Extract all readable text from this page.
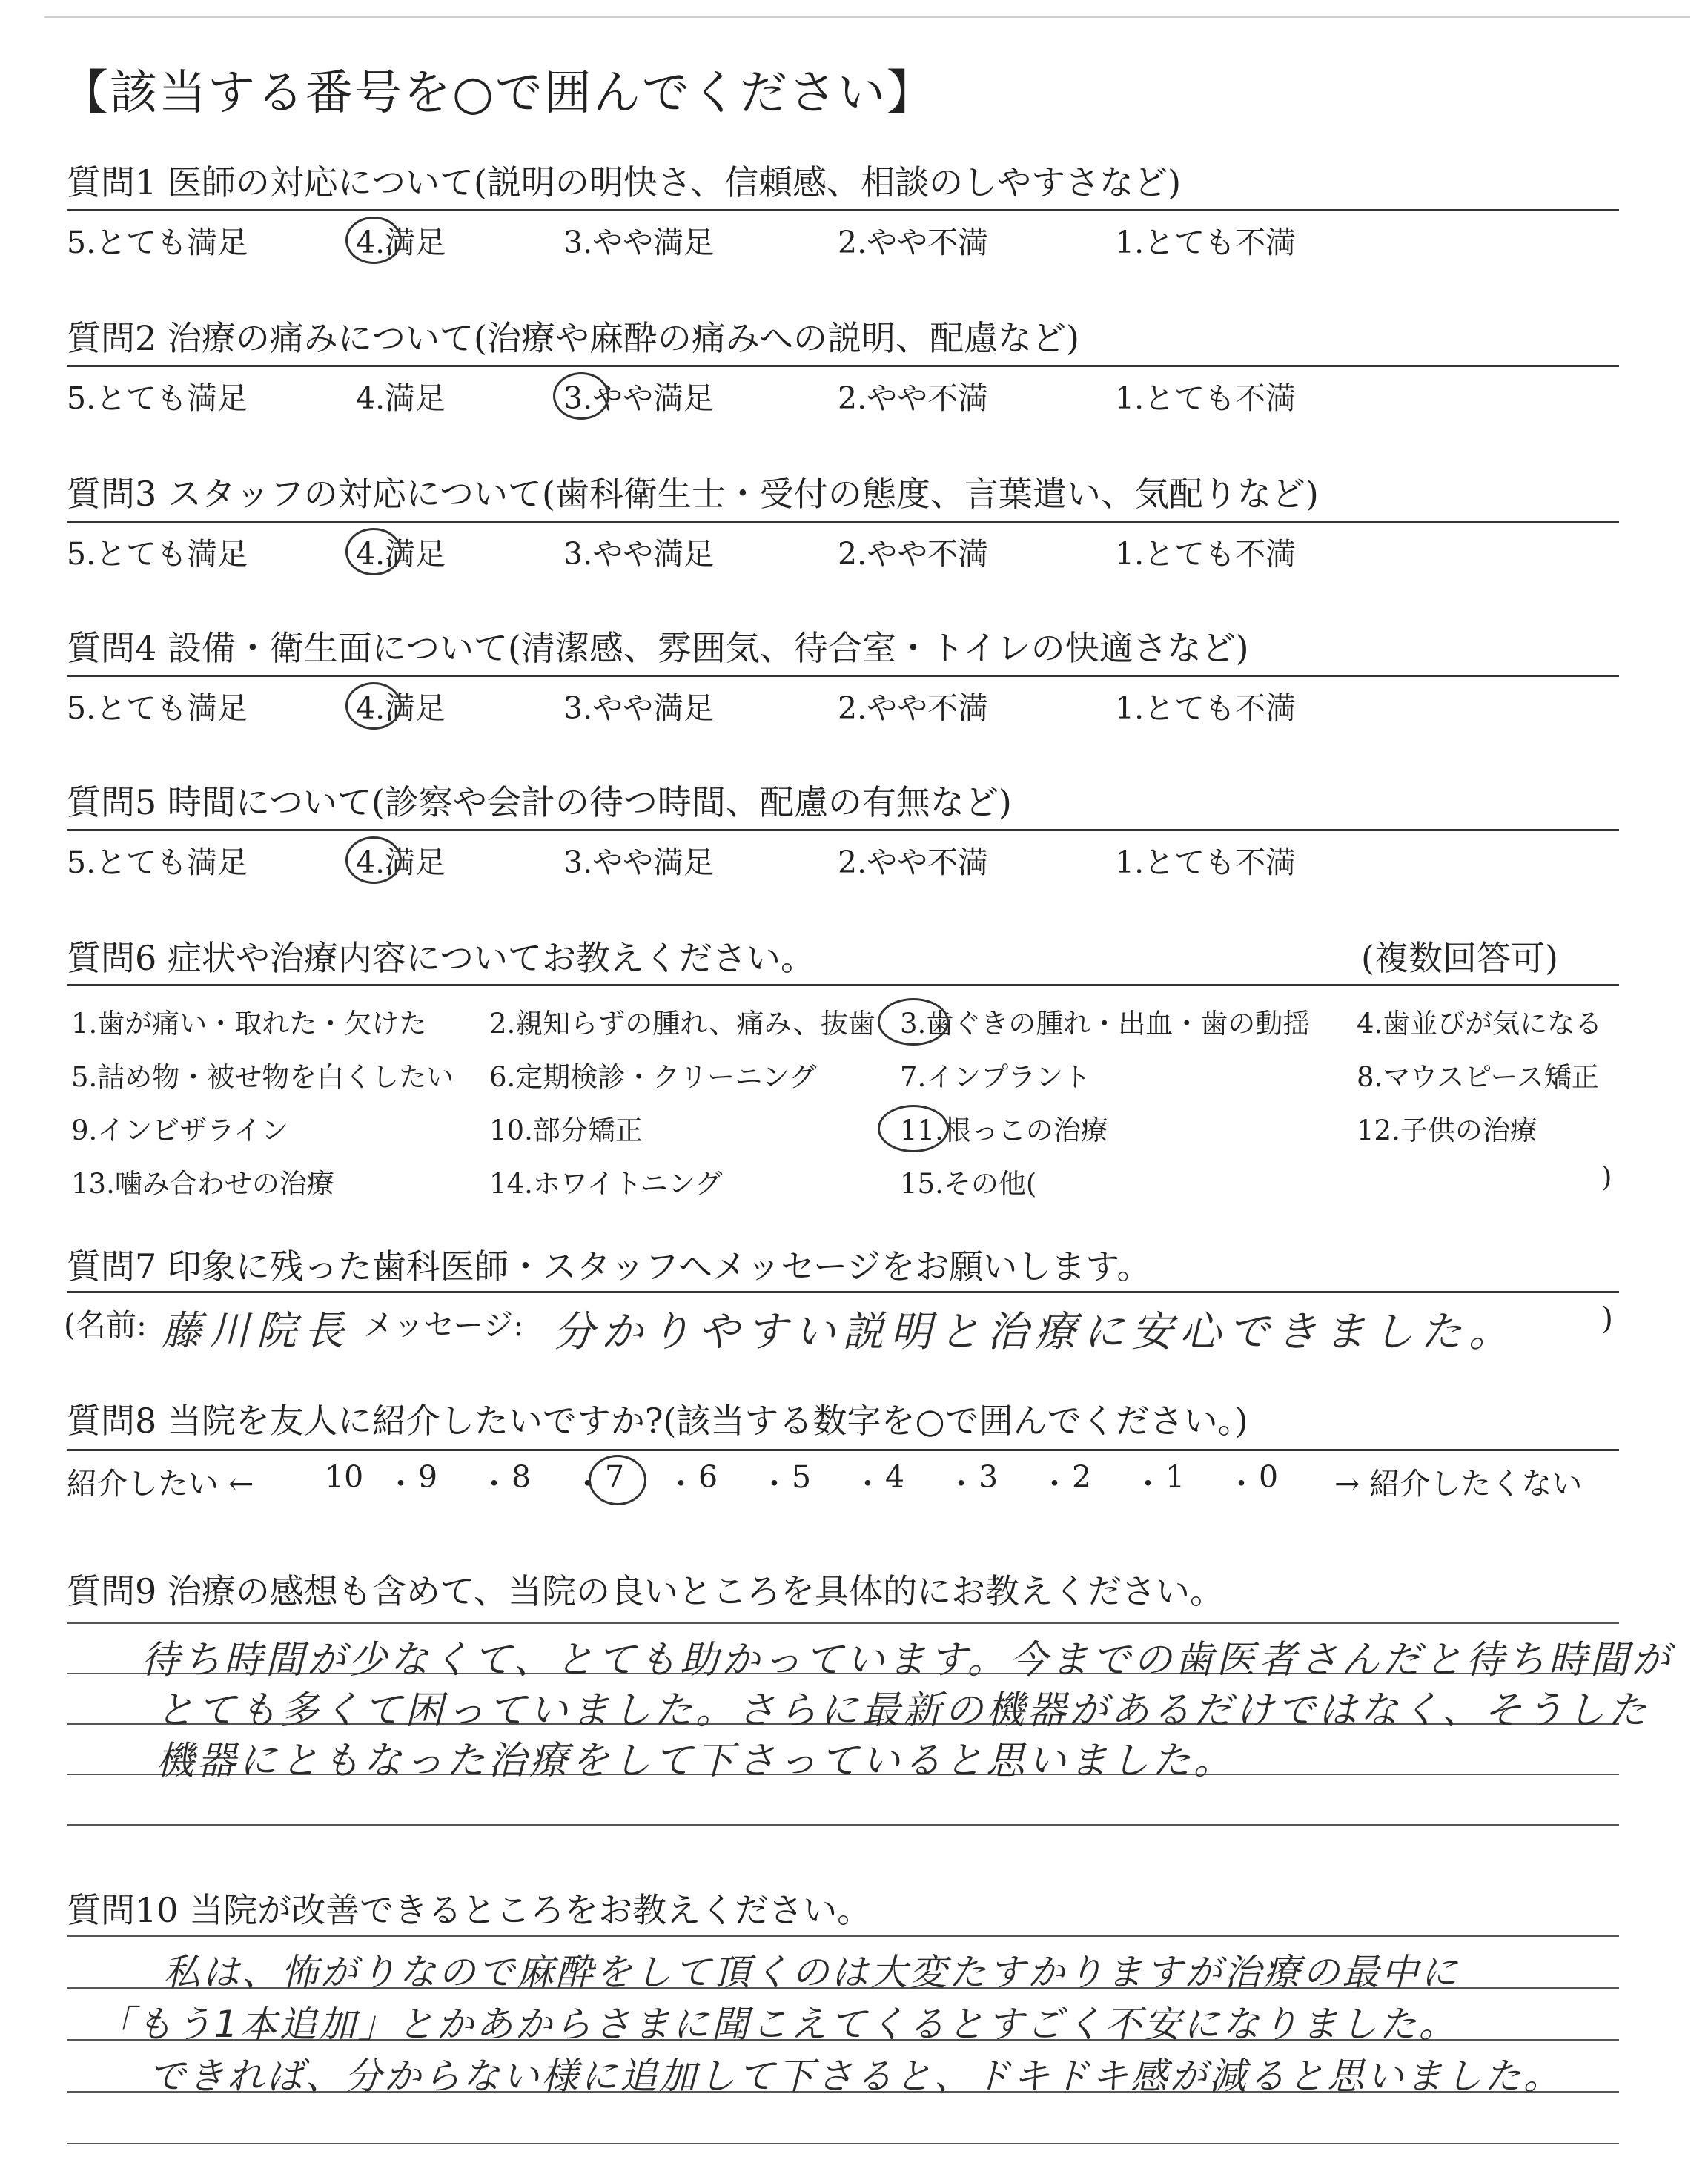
【該当する番号を○で囲んでください】
質問1 医師の対応について(説明の明快さ、信頼感、相談のしやすさなど)
5.とても満足	4.満足	3.やや満足	2.やや不満	1.とても不満
質問2 治療の痛みについて(治療や麻酔の痛みへの説明、配慮など)
5.とても満足	4.満足	3.やや満足	2.やや不満	1.とても不満
質問3 スタッフの対応について(歯科衛生士・受付の態度、言葉遣い、気配りなど)
5.とても満足	4.満足	3.やや満足	2.やや不満	1.とても不満
質問4 設備・衛生面について(清潔感、雰囲気、待合室・トイレの快適さなど)
5.とても満足	4.満足	3.やや満足	2.やや不満	1.とても不満
質問5 時間について(診察や会計の待つ時間、配慮の有無など)
5.とても満足	4.満足	3.やや満足	2.やや不満	1.とても不満
質問6 症状や治療内容についてお教えください。	(複数回答可)
1.歯が痛い・取れた・欠けた 2.親知らずの腫れ、痛み、抜歯 3.歯ぐきの腫れ・出血・歯の動揺 4.歯並びが気になる
5.詰め物・被せ物を白くしたい 6.定期検診・クリーニング	7.インプラント	8.マウスピース矯正
9.インビザライン	10.部分矯正	11.根っこの治療	12.子供の治療
13.噛み合わせの治療	14.ホワイトニング	15.その他(	)
質問7 印象に残った歯科医師・スタッフへメッセージをお願いします。
(名前: 藤川院長 メッセージ: 分かりやすい説明と治療に安心できました。	)
質問8 当院を友人に紹介したいですか?(該当する数字を○で囲んでください。)
紹介したい ←	→ 紹介したくない
10 ・ 9 ・ 8 ・ 7 ・ 6 ・ 5 ・ 4 ・ 3 ・ 2 ・ 1 ・ 0
質問9 治療の感想も含めて、当院の良いところを具体的にお教えください。
待ち時間が少なくて、とても助かっています。今までの歯医者さんだと待ち時間が
とても多くて困っていました。さらに最新の機器があるだけではなく、そうした
機器にともなった治療をして下さっていると思いました。
質問10 当院が改善できるところをお教えください。
私は、怖がりなので麻酔をして頂くのは大変たすかりますが治療の最中に
「もう1本追加」とかあからさまに聞こえてくるとすごく不安になりました。
できれば、分からない様に追加して下さると、ドキドキ感が減ると思いました。
